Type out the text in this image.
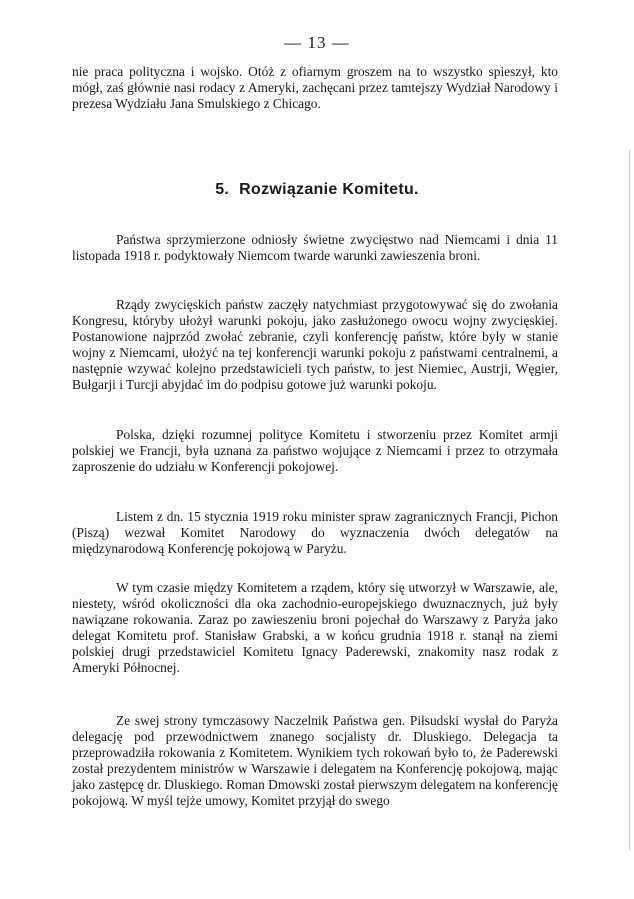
— 13 —

nie praca polityczna i wojsko. Otóż z ofiarnym groszem na to wszystko spieszył, kto mógł, zaś głównie nasi rodacy z Ameryki, zachęcani przez tamtejszy Wydział Narodowy i prezesa Wydziału Jana Smulskiego z Chicago.

5. Rozwiązanie Komitetu.

Państwa sprzymierzone odniosły świetne zwycięstwo nad Niemcami i dnia 11 listopada 1918 r. podyktowały Niemcom twarde warunki zawieszenia broni.

Rządy zwycięskich państw zaczęły natychmiast przygotowywać się do zwołania Kongresu, któryby ułożył warunki pokoju, jako zasłużonego owocu wojny zwycięskiej. Postanowione najprzód zwołać zebranie, czyli konferencję państw, które były w stanie wojny z Niemcami, ułożyć na tej konferencji warunki pokoju z państwami centralnemi, a następnie wzywać kolejno przedstawicieli tych państw, to jest Niemiec, Austrji, Węgier, Bułgarji i Turcji abyjdać im do podpisu gotowe już warunki pokoju.

Polska, dzięki rozumnej polityce Komitetu i stworzeniu przez Komitet armji polskiej we Francji, była uznana za państwo wojujące z Niemcami i przez to otrzymała zaproszenie do udziału w Konferencji pokojowej.

Listem z dn. 15 stycznia 1919 roku minister spraw zagranicznych Francji, Pichon (Piszą) wezwał Komitet Narodowy do wyznaczenia dwóch delegatów na międzynarodową Konferencję pokojową w Paryżu.

W tym czasie między Komitetem a rządem, który się utworzył w Warszawie, ale, niestety, wśród okoliczności dla oka zachodnio-europejskiego dwuznacznych, już były nawiązane rokowania. Zaraz po zawieszeniu broni pojechał do Warszawy z Paryża jako delegat Komitetu prof. Stanisław Grabski, a w końcu grudnia 1918 r. stanął na ziemi polskiej drugi przedstawiciel Komitetu Ignacy Paderewski, znakomity nasz rodak z Ameryki Północnej.

Ze swej strony tymczasowy Naczelnik Państwa gen. Piłsudski wysłał do Paryża delegację pod przewodnictwem znanego socjalisty dr. Dluskiego. Delegacja ta przeprowadziła rokowania z Komitetem. Wynikiem tych rokowań było to, że Paderewski został prezydentem ministrów w Warszawie i delegatem na Konferencję pokojową, mając jako zastępcę dr. Dluskiego. Roman Dmowski został pierwszym delegatem na konferencję pokojową. W myśl tejże umowy, Komitet przyjął do swego
